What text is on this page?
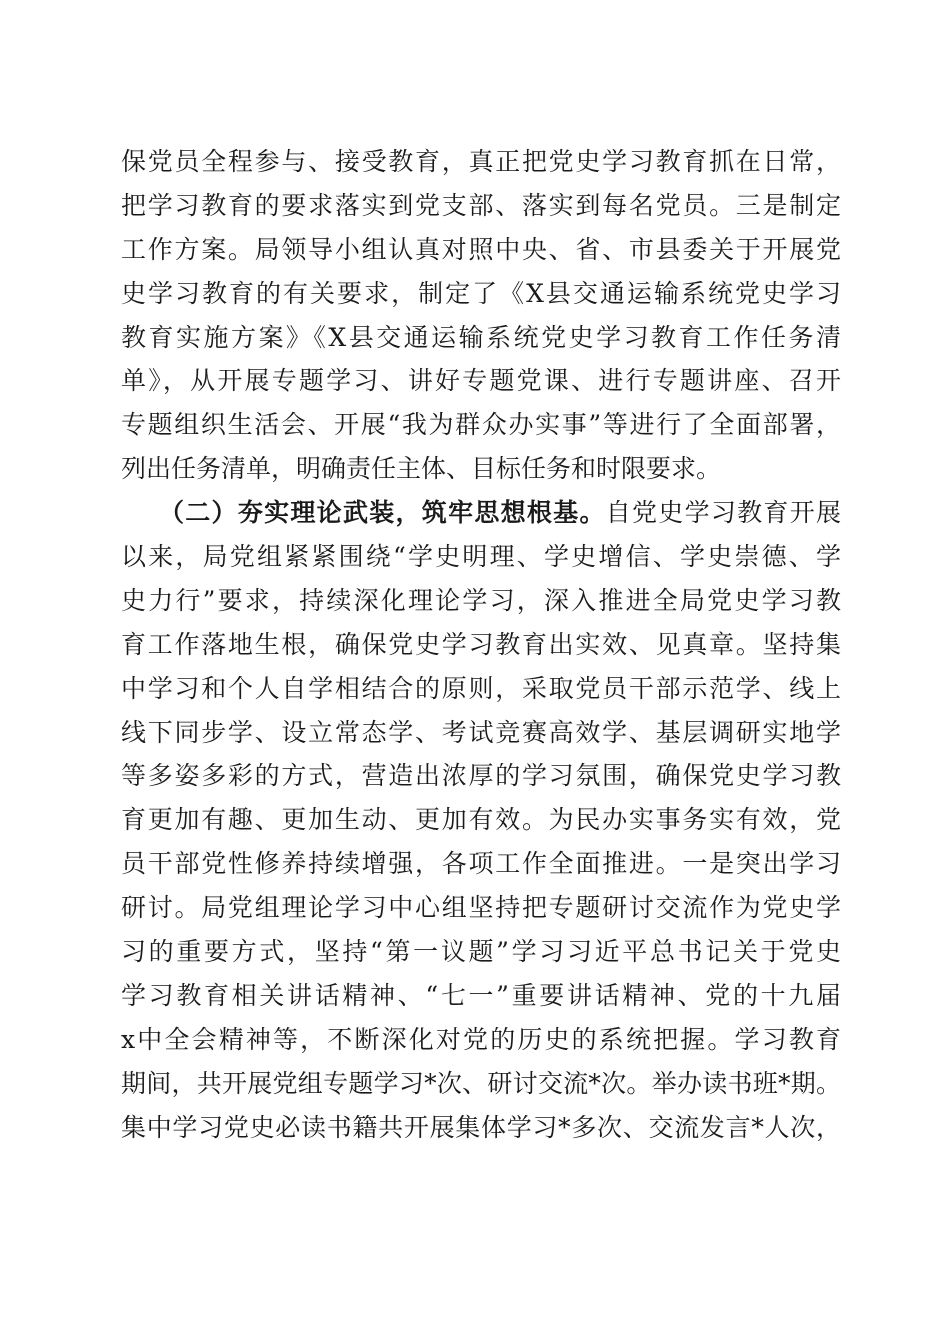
保党员全程参与、接受教育，真正把党史学习教育抓在日常，
把学习教育的要求落实到党支部、落实到每名党员。三是制定
工作方案。局领导小组认真对照中央、省、市县委关于开展党
史学习教育的有关要求，制定了《X县交通运输系统党史学习
教育实施方案》《X县交通运输系统党史学习教育工作任务清
单》，从开展专题学习、讲好专题党课、进行专题讲座、召开
专题组织生活会、开展“我为群众办实事”等进行了全面部署，
列出任务清单，明确责任主体、目标任务和时限要求。
（二）夯实理论武装，筑牢思想根基。自党史学习教育开展
以来，局党组紧紧围绕“学史明理、学史增信、学史崇德、学
史力行”要求，持续深化理论学习，深入推进全局党史学习教
育工作落地生根，确保党史学习教育出实效、见真章。坚持集
中学习和个人自学相结合的原则，采取党员干部示范学、线上
线下同步学、设立常态学、考试竞赛高效学、基层调研实地学
等多姿多彩的方式，营造出浓厚的学习氛围，确保党史学习教
育更加有趣、更加生动、更加有效。为民办实事务实有效，党
员干部党性修养持续增强，各项工作全面推进。一是突出学习
研讨。局党组理论学习中心组坚持把专题研讨交流作为党史学
习的重要方式，坚持“第一议题”学习习近平总书记关于党史
学习教育相关讲话精神、“七一”重要讲话精神、党的十九届
x中全会精神等，不断深化对党的历史的系统把握。学习教育
期间，共开展党组专题学习*次、研讨交流*次。举办读书班*期。
集中学习党史必读书籍共开展集体学习*多次、交流发言*人次，
